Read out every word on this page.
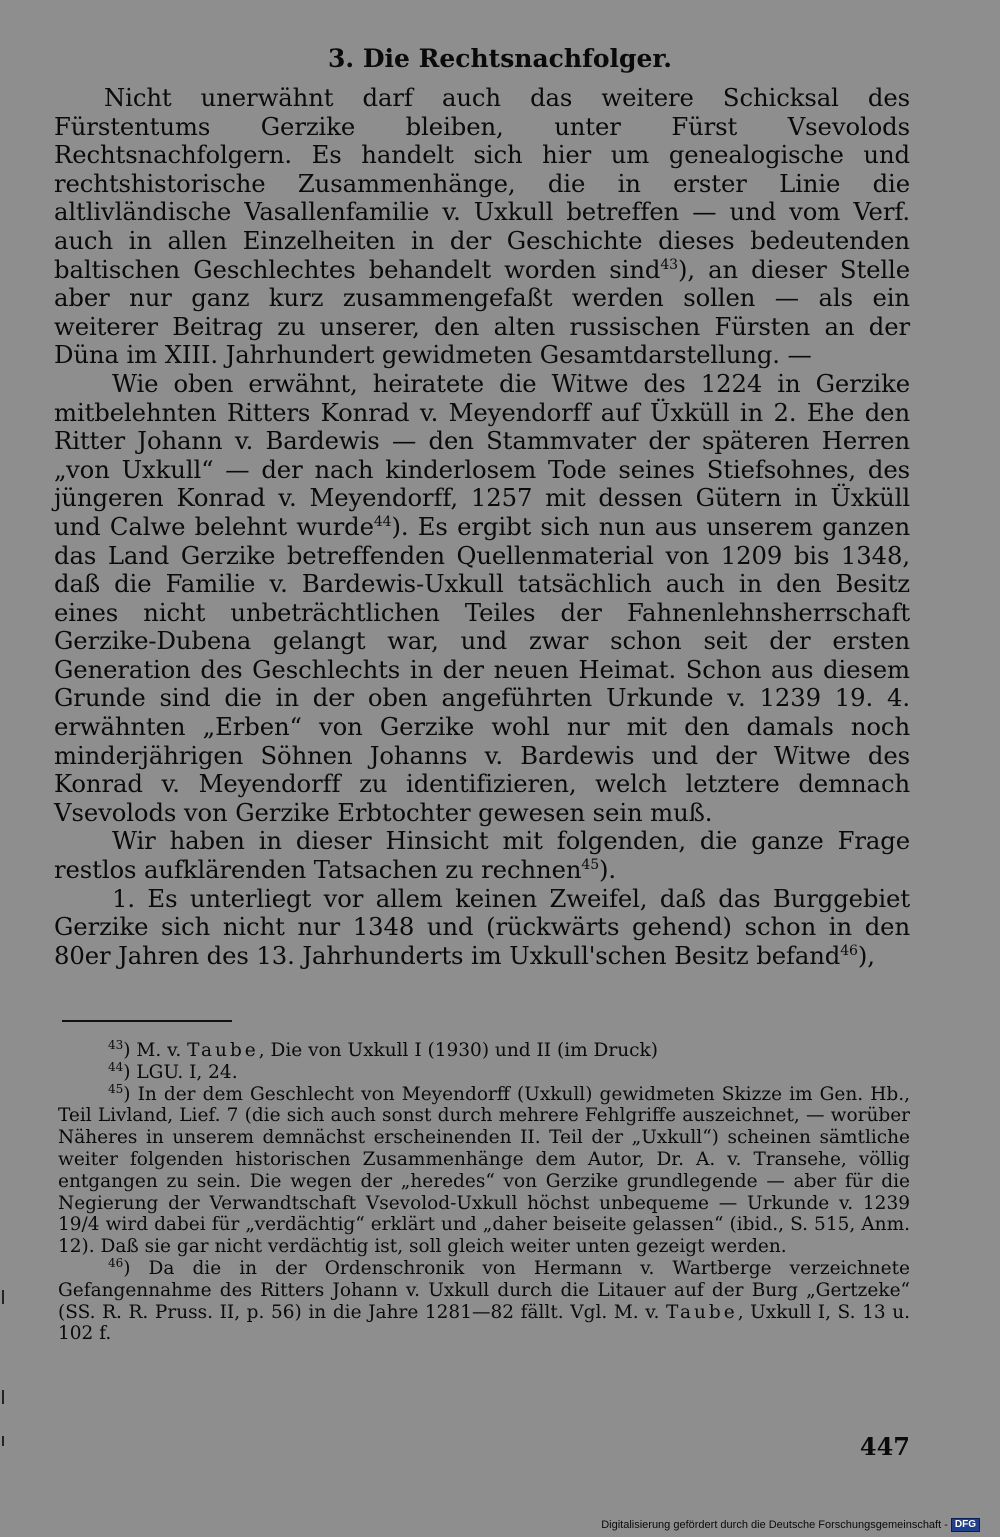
3. Die Rechtsnachfolger.

Nicht unerwähnt darf auch das weitere Schicksal des Fürstentums Gerzike bleiben, unter Fürst Vsevolods Rechtsnachfolgern. Es handelt sich hier um genealogische und rechtshistorische Zusammenhänge, die in erster Linie die altlivländische Vasallenfamilie v. Uxkull betreffen — und vom Verf. auch in allen Einzelheiten in der Geschichte dieses bedeutenden baltischen Geschlechtes behandelt worden sind$^{43}$), an dieser Stelle aber nur ganz kurz zusammengefaßt werden sollen — als ein weiterer Beitrag zu unserer, den alten russischen Fürsten an der Düna im XIII. Jahrhundert gewidmeten Gesamtdarstellung. —

Wie oben erwähnt, heiratete die Witwe des 1224 in Gerzike mitbelehnten Ritters Konrad v. Meyendorff auf Üxküll in 2. Ehe den Ritter Johann v. Bardewis — den Stammvater der späteren Herren „von Uxkull“ — der nach kinderlosem Tode seines Stiefsohnes, des jüngeren Konrad v. Meyendorff, 1257 mit dessen Gütern in Üxküll und Calwe belehnt wurde$^{44}$). Es ergibt sich nun aus unserem ganzen das Land Gerzike betreffenden Quellenmaterial von 1209 bis 1348, daß die Familie v. Bardewis-Uxkull tatsächlich auch in den Besitz eines nicht unbeträchtlichen Teiles der Fahnenlehnsherrschaft Gerzike-Dubena gelangt war, und zwar schon seit der ersten Generation des Geschlechts in der neuen Heimat. Schon aus diesem Grunde sind die in der oben angeführten Urkunde v. 1239 19. 4. erwähnten „Erben“ von Gerzike wohl nur mit den damals noch minderjährigen Söhnen Johanns v. Bardewis und der Witwe des Konrad v. Meyendorff zu identifizieren, welch letztere demnach Vsevolods von Gerzike Erbtochter gewesen sein muß.

Wir haben in dieser Hinsicht mit folgenden, die ganze Frage restlos aufklärenden Tatsachen zu rechnen$^{45}$).

1. Es unterliegt vor allem keinen Zweifel, daß das Burggebiet Gerzike sich nicht nur 1348 und (rückwärts gehend) schon in den 80er Jahren des 13. Jahrhunderts im Uxkull'schen Besitz befand$^{46}$),

$^{43}$) M. v. Taube, Die von Uxkull I (1930) und II (im Druck)

$^{44}$) LGU. I, 24.

$^{45}$) In der dem Geschlecht von Meyendorff (Uxkull) gewidmeten Skizze im Gen. Hb., Teil Livland, Lief. 7 (die sich auch sonst durch mehrere Fehlgriffe auszeichnet, — worüber Näheres in unserem demnächst erscheinenden II. Teil der „Uxkull“) scheinen sämtliche weiter folgenden historischen Zusammenhänge dem Autor, Dr. A. v. Transehe, völlig entgangen zu sein. Die wegen der „heredes“ von Gerzike grundlegende — aber für die Negierung der Verwandtschaft Vsevolod-Uxkull höchst unbequeme — Urkunde v. 1239 19/4 wird dabei für „verdächtig“ erklärt und „daher beiseite gelassen“ (ibid., S. 515, Anm. 12). Daß sie gar nicht verdächtig ist, soll gleich weiter unten gezeigt werden.

$^{46}$) Da die in der Ordenschronik von Hermann v. Wartberge verzeichnete Gefangennahme des Ritters Johann v. Uxkull durch die Litauer auf der Burg „Gertzeke“ (SS. R. R. Pruss. II, p. 56) in die Jahre 1281—82 fällt. Vgl. M. v. Taube, Uxkull I, S. 13 u. 102 f.

447
Digitalisierung gefördert durch die Deutsche Forschungsgemeinschaft - DFG
